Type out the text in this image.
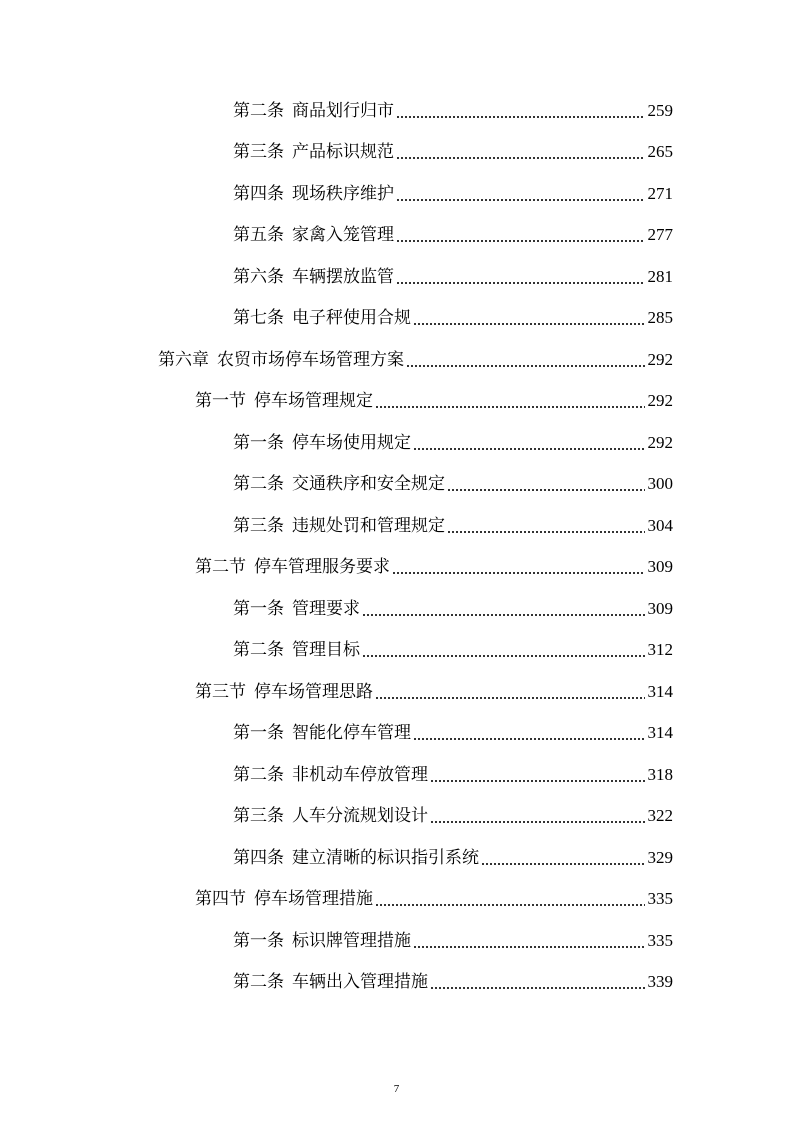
第二条 商品划行归市	259
第三条 产品标识规范	265
第四条 现场秩序维护	271
第五条 家禽入笼管理	277
第六条 车辆摆放监管	281
第七条 电子秤使用合规	285
第六章 农贸市场停车场管理方案	292
第一节 停车场管理规定	292
第一条 停车场使用规定	292
第二条 交通秩序和安全规定	300
第三条 违规处罚和管理规定	304
第二节 停车管理服务要求	309
第一条 管理要求	309
第二条 管理目标	312
第三节 停车场管理思路	314
第一条 智能化停车管理	314
第二条 非机动车停放管理	318
第三条 人车分流规划设计	322
第四条 建立清晰的标识指引系统	329
第四节 停车场管理措施	335
第一条 标识牌管理措施	335
第二条 车辆出入管理措施	339
7
